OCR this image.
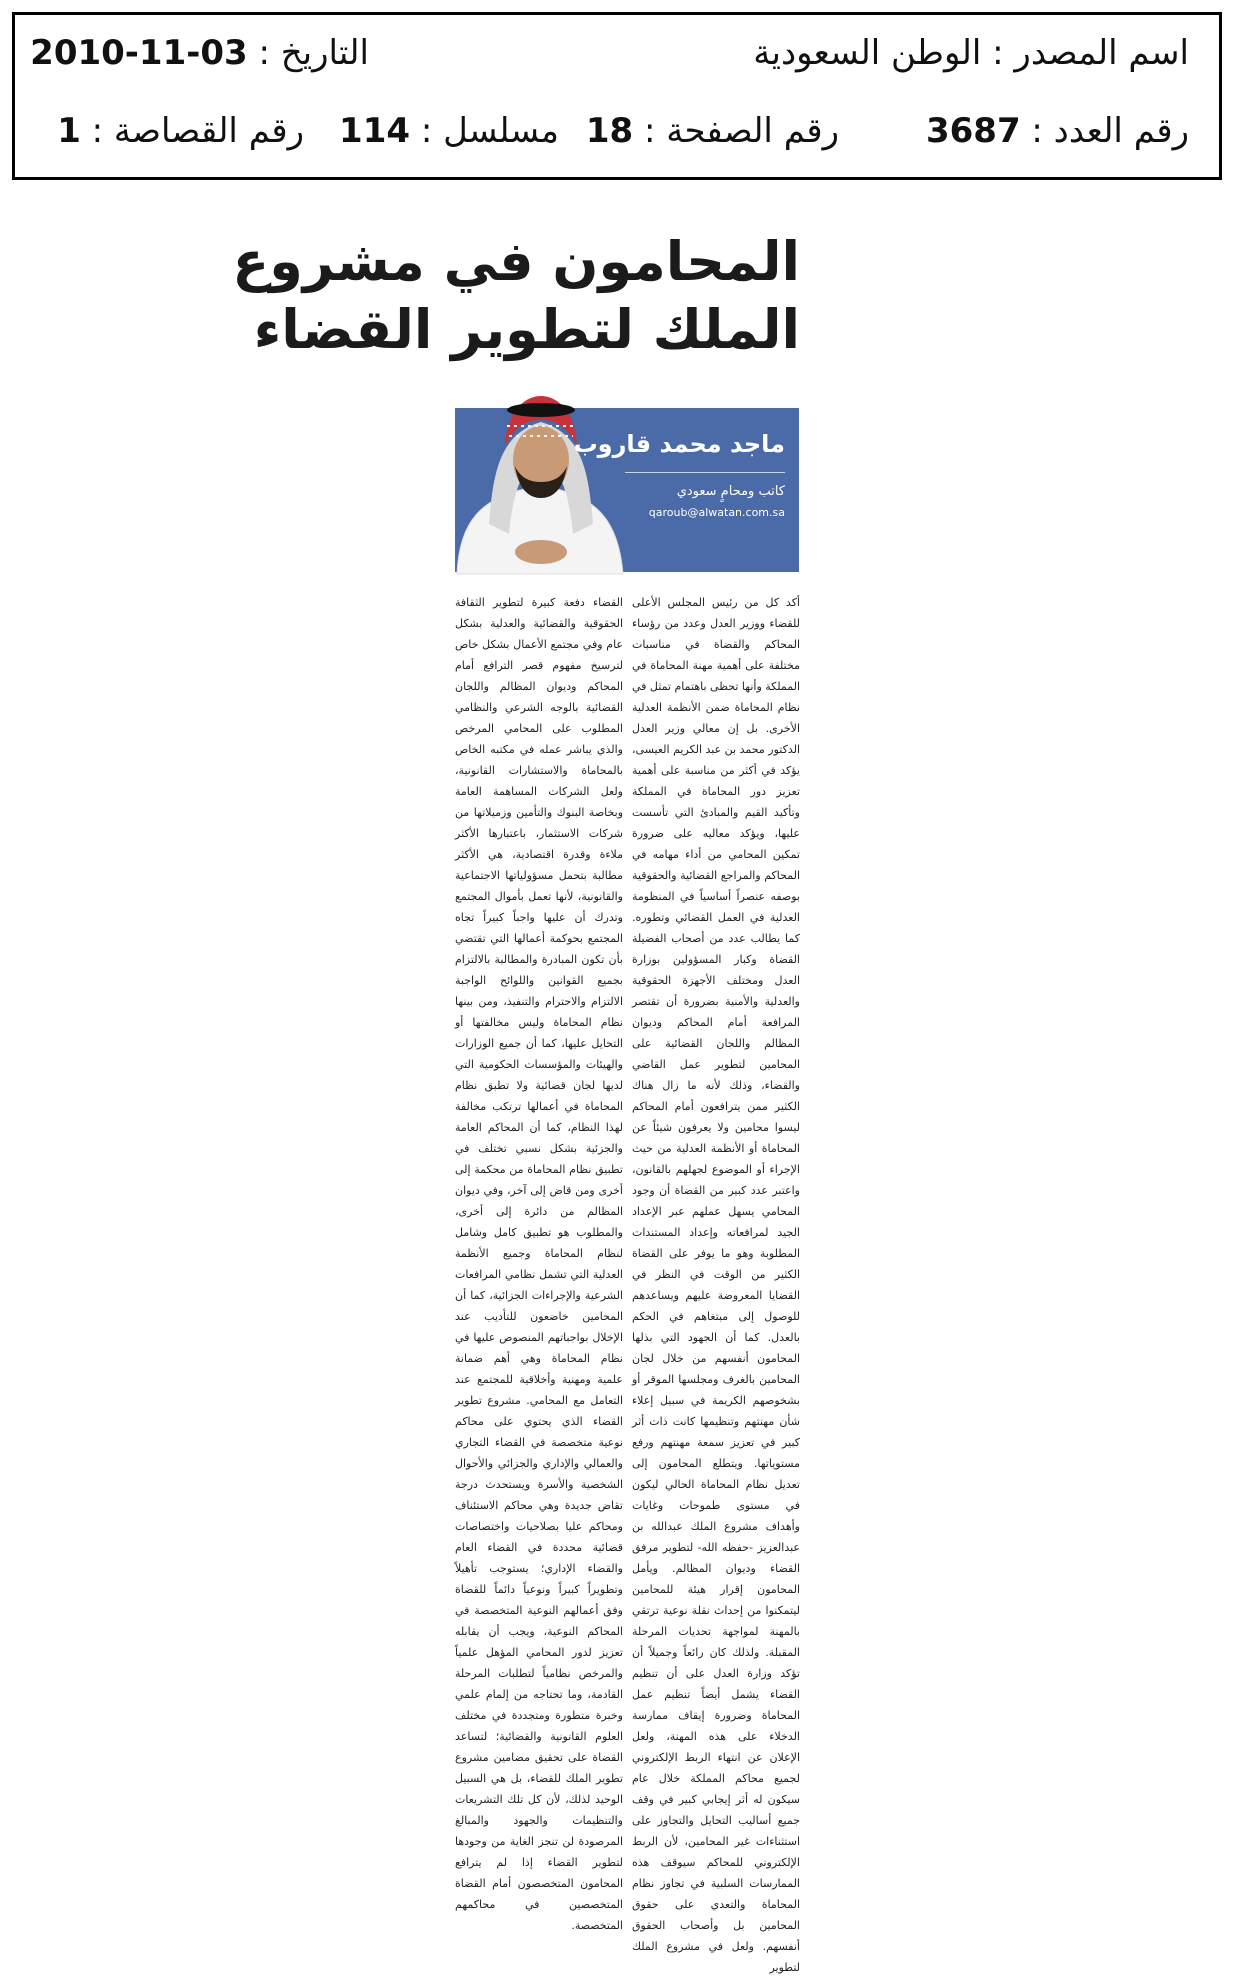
اسم المصدر : الوطن السعودية
التاريخ : 2010-11-03
رقم العدد : 3687
رقم الصفحة : 18
مسلسل : 114
رقم القصاصة : 1
المحامون في مشروع
الملك لتطوير القضاء
ماجد محمد قاروب
كاتب ومحامٍ سعودي
qaroub@alwatan.com.sa

أكد كل من رئيس المجلس الأعلى للقضاء ووزير العدل وعدد من رؤساء المحاكم والقضاة في مناسبات مختلفة على أهمية مهنة المحاماة في المملكة وأنها تحظى باهتمام تمثل في نظام المحاماة ضمن الأنظمة العدلية الأخرى. بل إن معالي وزير العدل الدكتور محمد بن عبد الكريم العيسى، يؤكد في أكثر من مناسبة على أهمية تعزيز دور المحاماة في المملكة وتأكيد القيم والمبادئ التي تأسست عليها، ويؤكد معاليه على ضرورة تمكين المحامي من أداء مهامه في المحاكم والمراجع القضائية والحقوقية بوصفه عنصراً أساسياً في المنظومة العدلية في العمل القضائي وتطوره. كما يطالب عدد من أصحاب الفضيلة القضاة وكبار المسؤولين بوزارة العدل ومختلف الأجهزة الحقوقية والعدلية والأمنية بضرورة أن تقتصر المرافعة أمام المحاكم وديوان المظالم واللجان القضائية على المحامين لتطوير عمل القاضي والقضاء، وذلك لأنه ما زال هناك الكثير ممن يترافعون أمام المحاكم ليسوا محامين ولا يعرفون شيئاً عن المحاماة أو الأنظمة العدلية من حيث الإجراء أو الموضوع لجهلهم بالقانون، واعتبر عدد كبير من القضاة أن وجود المحامي يسهل عملهم عبر الإعداد الجيد لمرافعاته وإعداد المستندات المطلوبة وهو ما يوفر على القضاة الكثير من الوقت في النظر في القضايا المعروضة عليهم ويساعدهم للوصول إلى مبتغاهم في الحكم بالعدل. كما أن الجهود التي بذلها المحامون أنفسهم من خلال لجان المحامين بالغرف ومجلسها الموقر أو بشخوصهم الكريمة في سبيل إعلاء شأن مهنتهم وتنظيمها كانت ذات أثر كبير في تعزيز سمعة مهنتهم ورفع مستوياتها. ويتطلع المحامون إلى تعديل نظام المحاماة الحالي ليكون في مستوى طموحات وغايات وأهداف مشروع الملك عبدالله بن عبدالعزيز -حفظه الله- لتطوير مرفق القضاء وديوان المظالم. ويأمل المحامون إقرار هيئة للمحامين ليتمكنوا من إحداث نقلة نوعية ترتقي بالمهنة لمواجهة تحديات المرحلة المقبلة. ولذلك كان رائعاً وجميلاً أن تؤكد وزارة العدل على أن تنظيم القضاء يشمل أيضاً تنظيم عمل المحاماة وضرورة إيقاف ممارسة الدخلاء على هذه المهنة، ولعل الإعلان عن انتهاء الربط الإلكتروني لجميع محاكم المملكة خلال عام سيكون له أثر إيجابي كبير في وقف جميع أساليب التحايل والتجاوز على استثناءات غير المحامين، لأن الربط الإلكتروني للمحاكم سيوقف هذه الممارسات السلبية في تجاوز نظام المحاماة والتعدي على حقوق المحامين بل وأصحاب الحقوق أنفسهم. ولعل في مشروع الملك لتطوير

القضاء دفعة كبيرة لتطوير الثقافة الحقوقية والقضائية والعدلية بشكل عام وفي مجتمع الأعمال بشكل خاص لترسيخ مفهوم قصر الترافع أمام المحاكم وديوان المظالم واللجان القضائية بالوجه الشرعي والنظامي المطلوب على المحامي المرخص والذي يباشر عمله في مكتبه الخاص بالمحاماة والاستشارات القانونية، ولعل الشركات المساهمة العامة وبخاصة البنوك والتأمين وزميلاتها من شركات الاستثمار، باعتبارها الأكثر ملاءة وقدرة اقتصادية، هي الأكثر مطالبة بتحمل مسؤولياتها الاجتماعية والقانونية، لأنها تعمل بأموال المجتمع وتدرك أن عليها واجباً كبيراً تجاه المجتمع بحوكمة أعمالها التي تقتضي بأن تكون المبادرة والمطالبة بالالتزام بجميع القوانين واللوائح الواجبة الالتزام والاحترام والتنفيذ، ومن بينها نظام المحاماة وليس مخالفتها أو التحايل عليها، كما أن جميع الوزارات والهيئات والمؤسسات الحكومية التي لديها لجان قضائية ولا تطبق نظام المحاماة في أعمالها ترتكب مخالفة لهذا النظام، كما أن المحاكم العامة والجزئية بشكل نسبي تختلف في تطبيق نظام المحاماة من محكمة إلى أخرى ومن قاض إلى آخر، وفي ديوان المظالم من دائرة إلى أخرى، والمطلوب هو تطبيق كامل وشامل لنظام المحاماة وجميع الأنظمة العدلية التي تشمل نظامي المرافعات الشرعية والإجراءات الجزائية، كما أن المحامين خاضعون للتأديب عند الإخلال بواجباتهم المنصوص عليها في نظام المحاماة وهي أهم ضمانة علمية ومهنية وأخلاقية للمجتمع عند التعامل مع المحامي. مشروع تطوير القضاء الذي يحتوي على محاكم نوعية متخصصة في القضاء التجاري والعمالي والإداري والجزائي والأحوال الشخصية والأسرة ويستحدث درجة تقاض جديدة وهي محاكم الاستئناف ومحاكم عليا بصلاحيات واختصاصات قضائية محددة في القضاء العام والقضاء الإداري؛ يستوجب تأهيلاً وتطويراً كبيراً ونوعياً دائماً للقضاة وفق أعمالهم النوعية المتخصصة في المحاكم النوعية، ويجب أن يقابله تعزيز لدور المحامي المؤهل علمياً والمرخص نظامياً لتطلبات المرحلة القادمة، وما تحتاجه من إلمام علمي وخبرة متطورة ومتجددة في مختلف العلوم القانونية والقضائية؛ لتساعد القضاة على تحقيق مضامين مشروع تطوير الملك للقضاء، بل هي السبيل الوحيد لذلك، لأن كل تلك التشريعات والتنظيمات والجهود والمبالغ المرصودة لن تنجز الغاية من وجودها لتطوير القضاء إذا لم يترافع المحامون المتخصصون أمام القضاة المتخصصين في محاكمهم المتخصصة.
